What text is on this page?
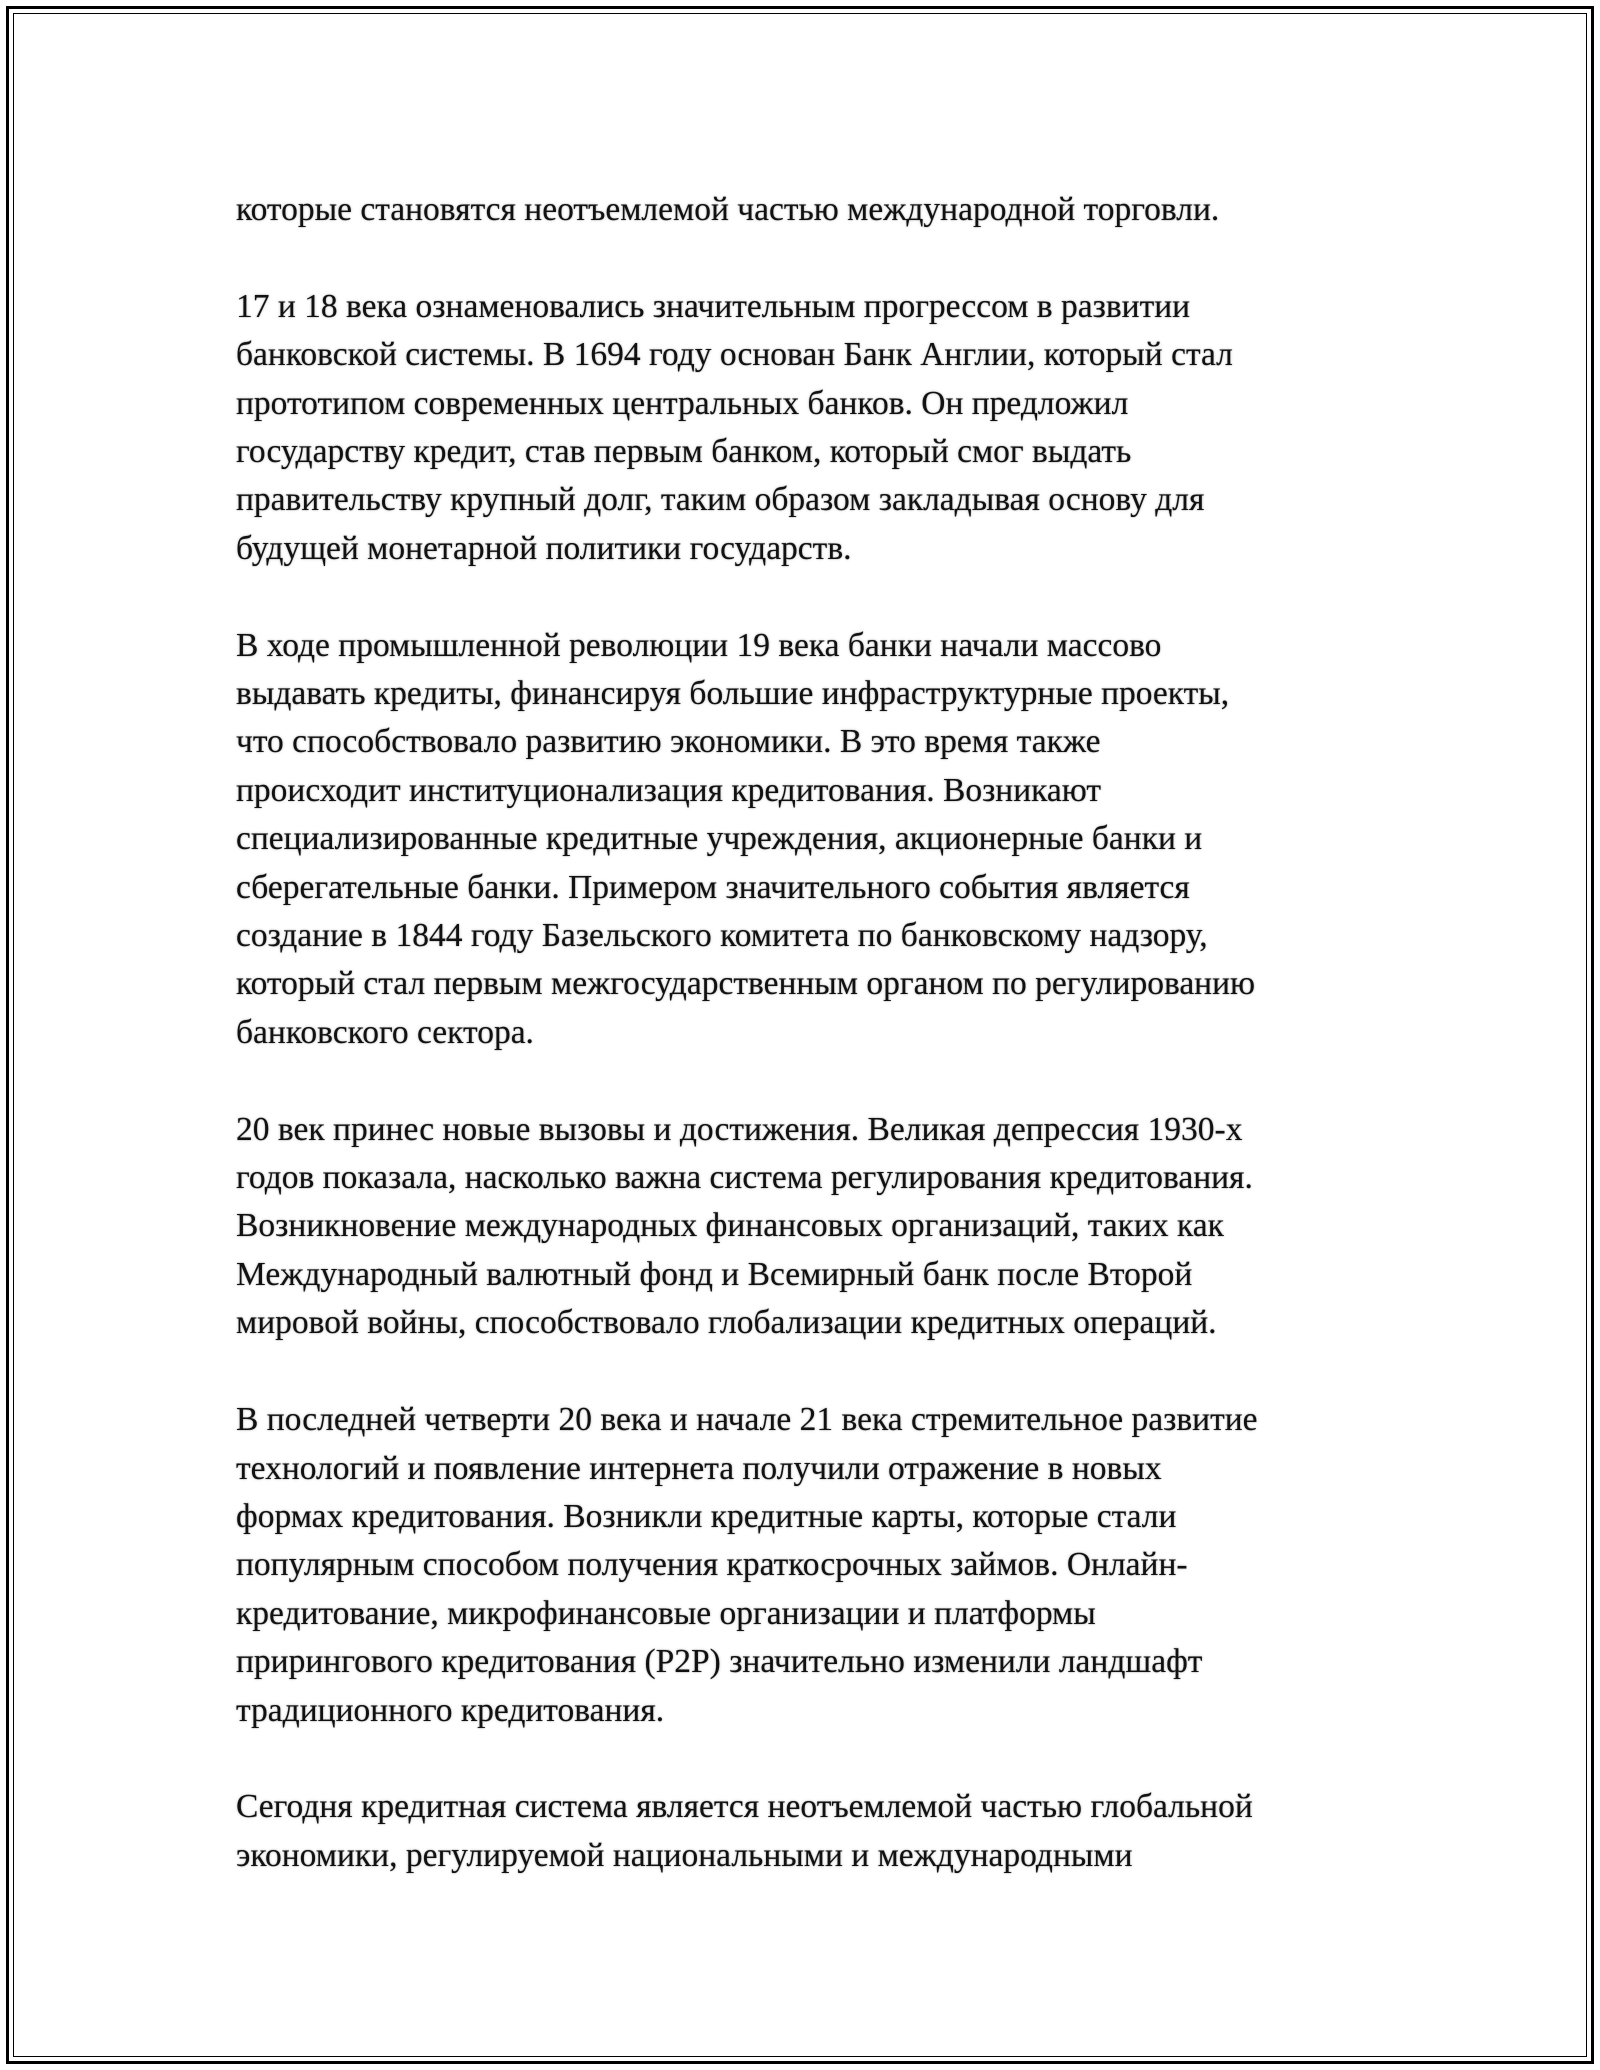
которые становятся неотъемлемой частью международной торговли.
17 и 18 века ознаменовались значительным прогрессом в развитии
банковской системы. В 1694 году основан Банк Англии, который стал
прототипом современных центральных банков. Он предложил
государству кредит, став первым банком, который смог выдать
правительству крупный долг, таким образом закладывая основу для
будущей монетарной политики государств.
В ходе промышленной революции 19 века банки начали массово
выдавать кредиты, финансируя большие инфраструктурные проекты,
что способствовало развитию экономики. В это время также
происходит институционализация кредитования. Возникают
специализированные кредитные учреждения, акционерные банки и
сберегательные банки. Примером значительного события является
создание в 1844 году Базельского комитета по банковскому надзору,
который стал первым межгосударственным органом по регулированию
банковского сектора.
20 век принес новые вызовы и достижения. Великая депрессия 1930-х
годов показала, насколько важна система регулирования кредитования.
Возникновение международных финансовых организаций, таких как
Международный валютный фонд и Всемирный банк после Второй
мировой войны, способствовало глобализации кредитных операций.
В последней четверти 20 века и начале 21 века стремительное развитие
технологий и появление интернета получили отражение в новых
формах кредитования. Возникли кредитные карты, которые стали
популярным способом получения краткосрочных займов. Онлайн-
кредитование, микрофинансовые организации и платформы
прирингового кредитования (P2P) значительно изменили ландшафт
традиционного кредитования.
Сегодня кредитная система является неотъемлемой частью глобальной
экономики, регулируемой национальными и международными
